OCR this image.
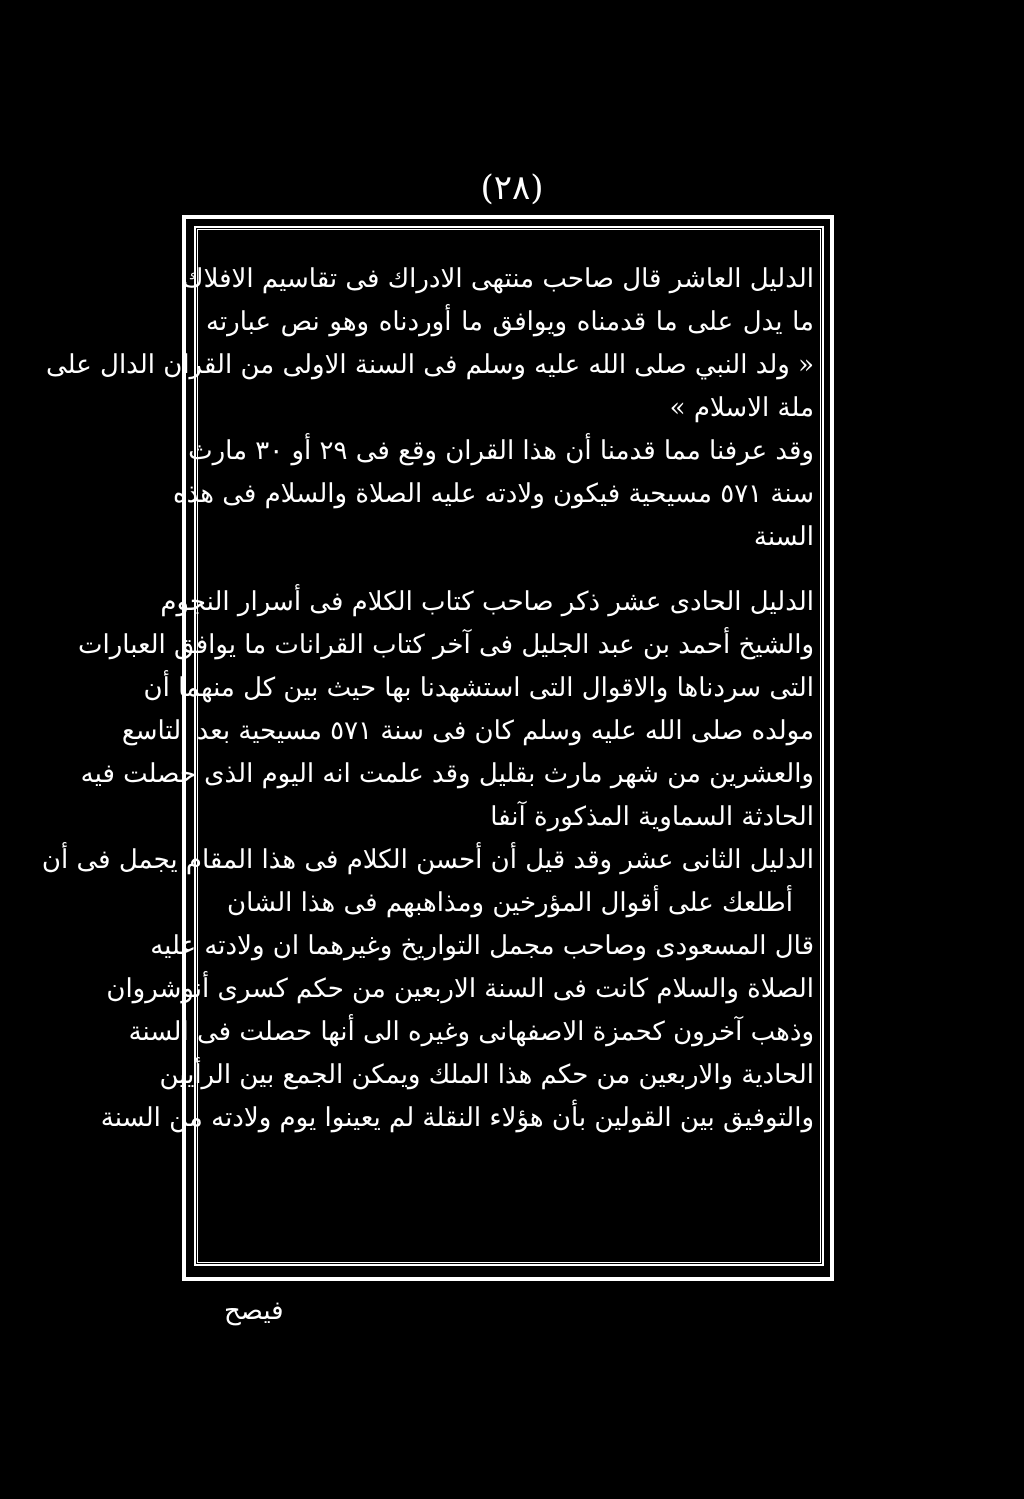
(٢٨)
الدليل العاشر قال صاحب منتهى الادراك فى تقاسيم الافلاك
ما يدل على ما قدمناه ويوافق ما أوردناه وهو نص عبارته
« ولد النبي صلى الله عليه وسلم فى السنة الاولى من القران الدال على
ملة الاسلام »
وقد عرفنا مما قدمنا أن هذا القران وقع فى ٢٩ أو ٣٠ مارث
سنة ٥٧١ مسيحية فيكون ولادته عليه الصلاة والسلام فى هذه
السنة
الدليل الحادى عشر ذكر صاحب كتاب الكلام فى أسرار النجوم
والشيخ أحمد بن عبد الجليل فى آخر كتاب القرانات ما يوافق العبارات
التى سردناها والاقوال التى استشهدنا بها حيث بين كل منهما أن
مولده صلى الله عليه وسلم كان فى سنة ٥٧١ مسيحية بعد التاسع
والعشرين من شهر مارث بقليل وقد علمت انه اليوم الذى حصلت فيه
الحادثة السماوية المذكورة آنفا
الدليل الثانى عشر وقد قيل أن أحسن الكلام فى هذا المقام يجمل فى أن
أطلعك على أقوال المؤرخين ومذاهبهم فى هذا الشان
قال المسعودى وصاحب مجمل التواريخ وغيرهما ان ولادته عليه
الصلاة والسلام كانت فى السنة الاربعين من حكم كسرى أنوشروان
وذهب آخرون كحمزة الاصفهانى وغيره الى أنها حصلت فى السنة
الحادية والاربعين من حكم هذا الملك ويمكن الجمع بين الرأيين
والتوفيق بين القولين بأن هؤلاء النقلة لم يعينوا يوم ولادته من السنة
فيصح
